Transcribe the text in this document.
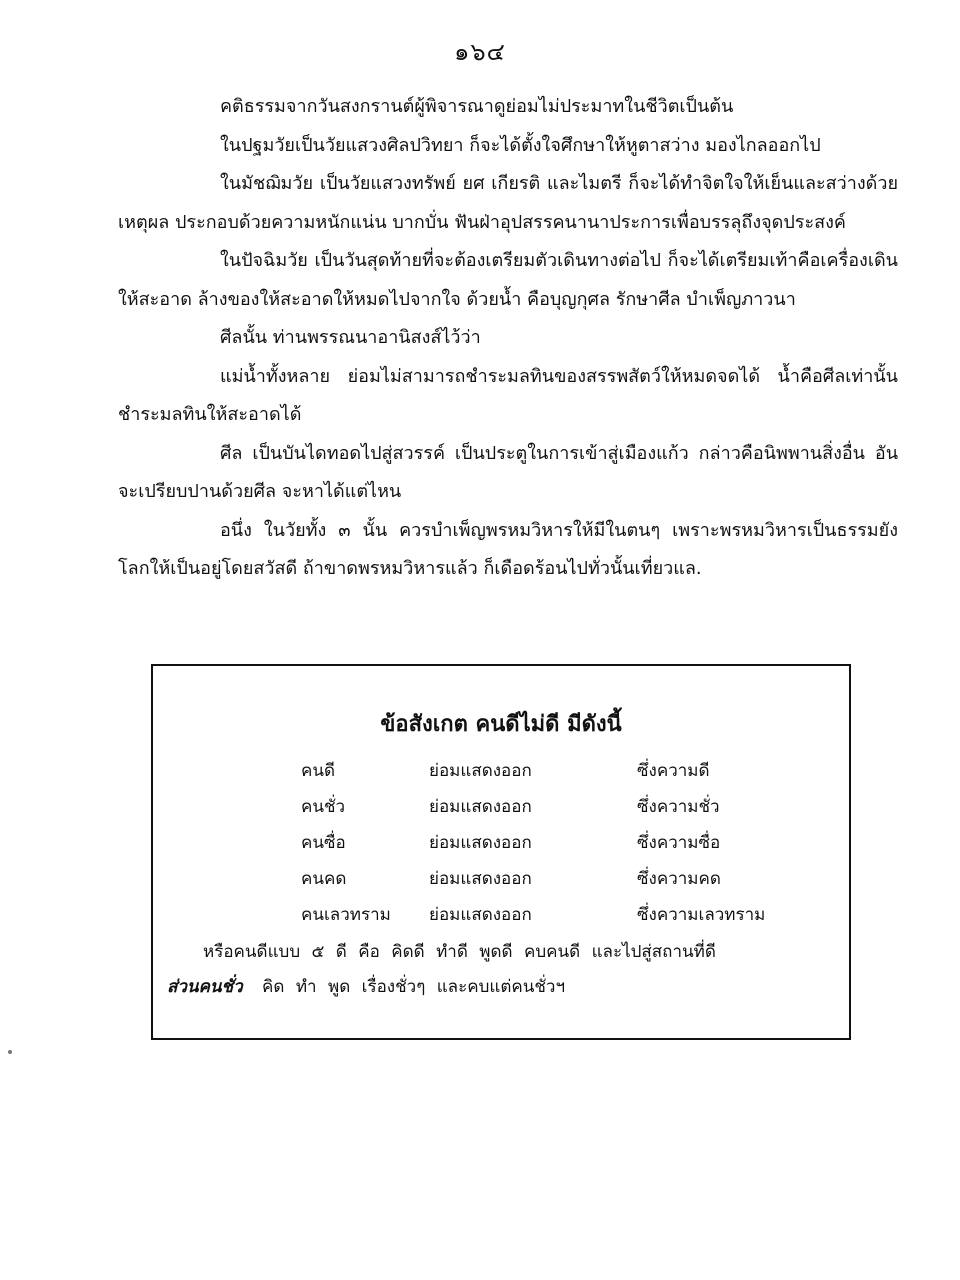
๑๖๔

คติธรรมจากวันสงกรานต์ผู้พิจารณาดูย่อมไม่ประมาทในชีวิตเป็นต้น

ในปฐมวัยเป็นวัยแสวงศิลปวิทยา ก็จะได้ตั้งใจศึกษาให้หูตาสว่าง มองไกลออกไป

ในมัชฌิมวัย เป็นวัยแสวงทรัพย์ ยศ เกียรติ และไมตรี ก็จะได้ทำจิตใจให้เย็นและสว่างด้วยเหตุผล ประกอบด้วยความหนักแน่น บากบั่น ฟันฝ่าอุปสรรคนานาประการเพื่อบรรลุถึงจุดประสงค์

ในปัจฉิมวัย เป็นวันสุดท้ายที่จะต้องเตรียมตัวเดินทางต่อไป ก็จะได้เตรียมเท้าคือเครื่องเดินให้สะอาด ล้างของให้สะอาดให้หมดไปจากใจ ด้วยน้ำ คือบุญกุศล รักษาศีล บำเพ็ญภาวนา

ศีลนั้น ท่านพรรณนาอานิสงส์ไว้ว่า

แม่น้ำทั้งหลาย ย่อมไม่สามารถชำระมลทินของสรรพสัตว์ให้หมดจดได้ น้ำคือศีลเท่านั้น ชำระมลทินให้สะอาดได้

ศีล เป็นบันไดทอดไปสู่สวรรค์ เป็นประตูในการเข้าสู่เมืองแก้ว กล่าวคือนิพพานสิ่งอื่น อันจะเปรียบปานด้วยศีล จะหาได้แต่ไหน

อนึ่ง ในวัยทั้ง ๓ นั้น ควรบำเพ็ญพรหมวิหารให้มีในตนๆ เพราะพรหมวิหารเป็นธรรมยังโลกให้เป็นอยู่โดยสวัสดี ถ้าขาดพรหมวิหารแล้ว ก็เดือดร้อนไปทั่วนั้นเที่ยวแล.

ข้อสังเกต คนดีไม่ดี มีดังนี้
คนดี	ย่อมแสดงออก	ซึ่งความดี
คนชั่ว	ย่อมแสดงออก	ซึ่งความชั่ว
คนซื่อ	ย่อมแสดงออก	ซึ่งความซื่อ
คนคด	ย่อมแสดงออก	ซึ่งความคด
คนเลวทราม	ย่อมแสดงออก	ซึ่งความเลวทราม
หรือคนดีแบบ ๕ ดี คือ คิดดี ทำดี พูดดี คบคนดี และไปสู่สถานที่ดี
ส่วนคนชั่ว คิด ทำ พูด เรื่องชั่วๆ และคบแต่คนชั่วฯ
